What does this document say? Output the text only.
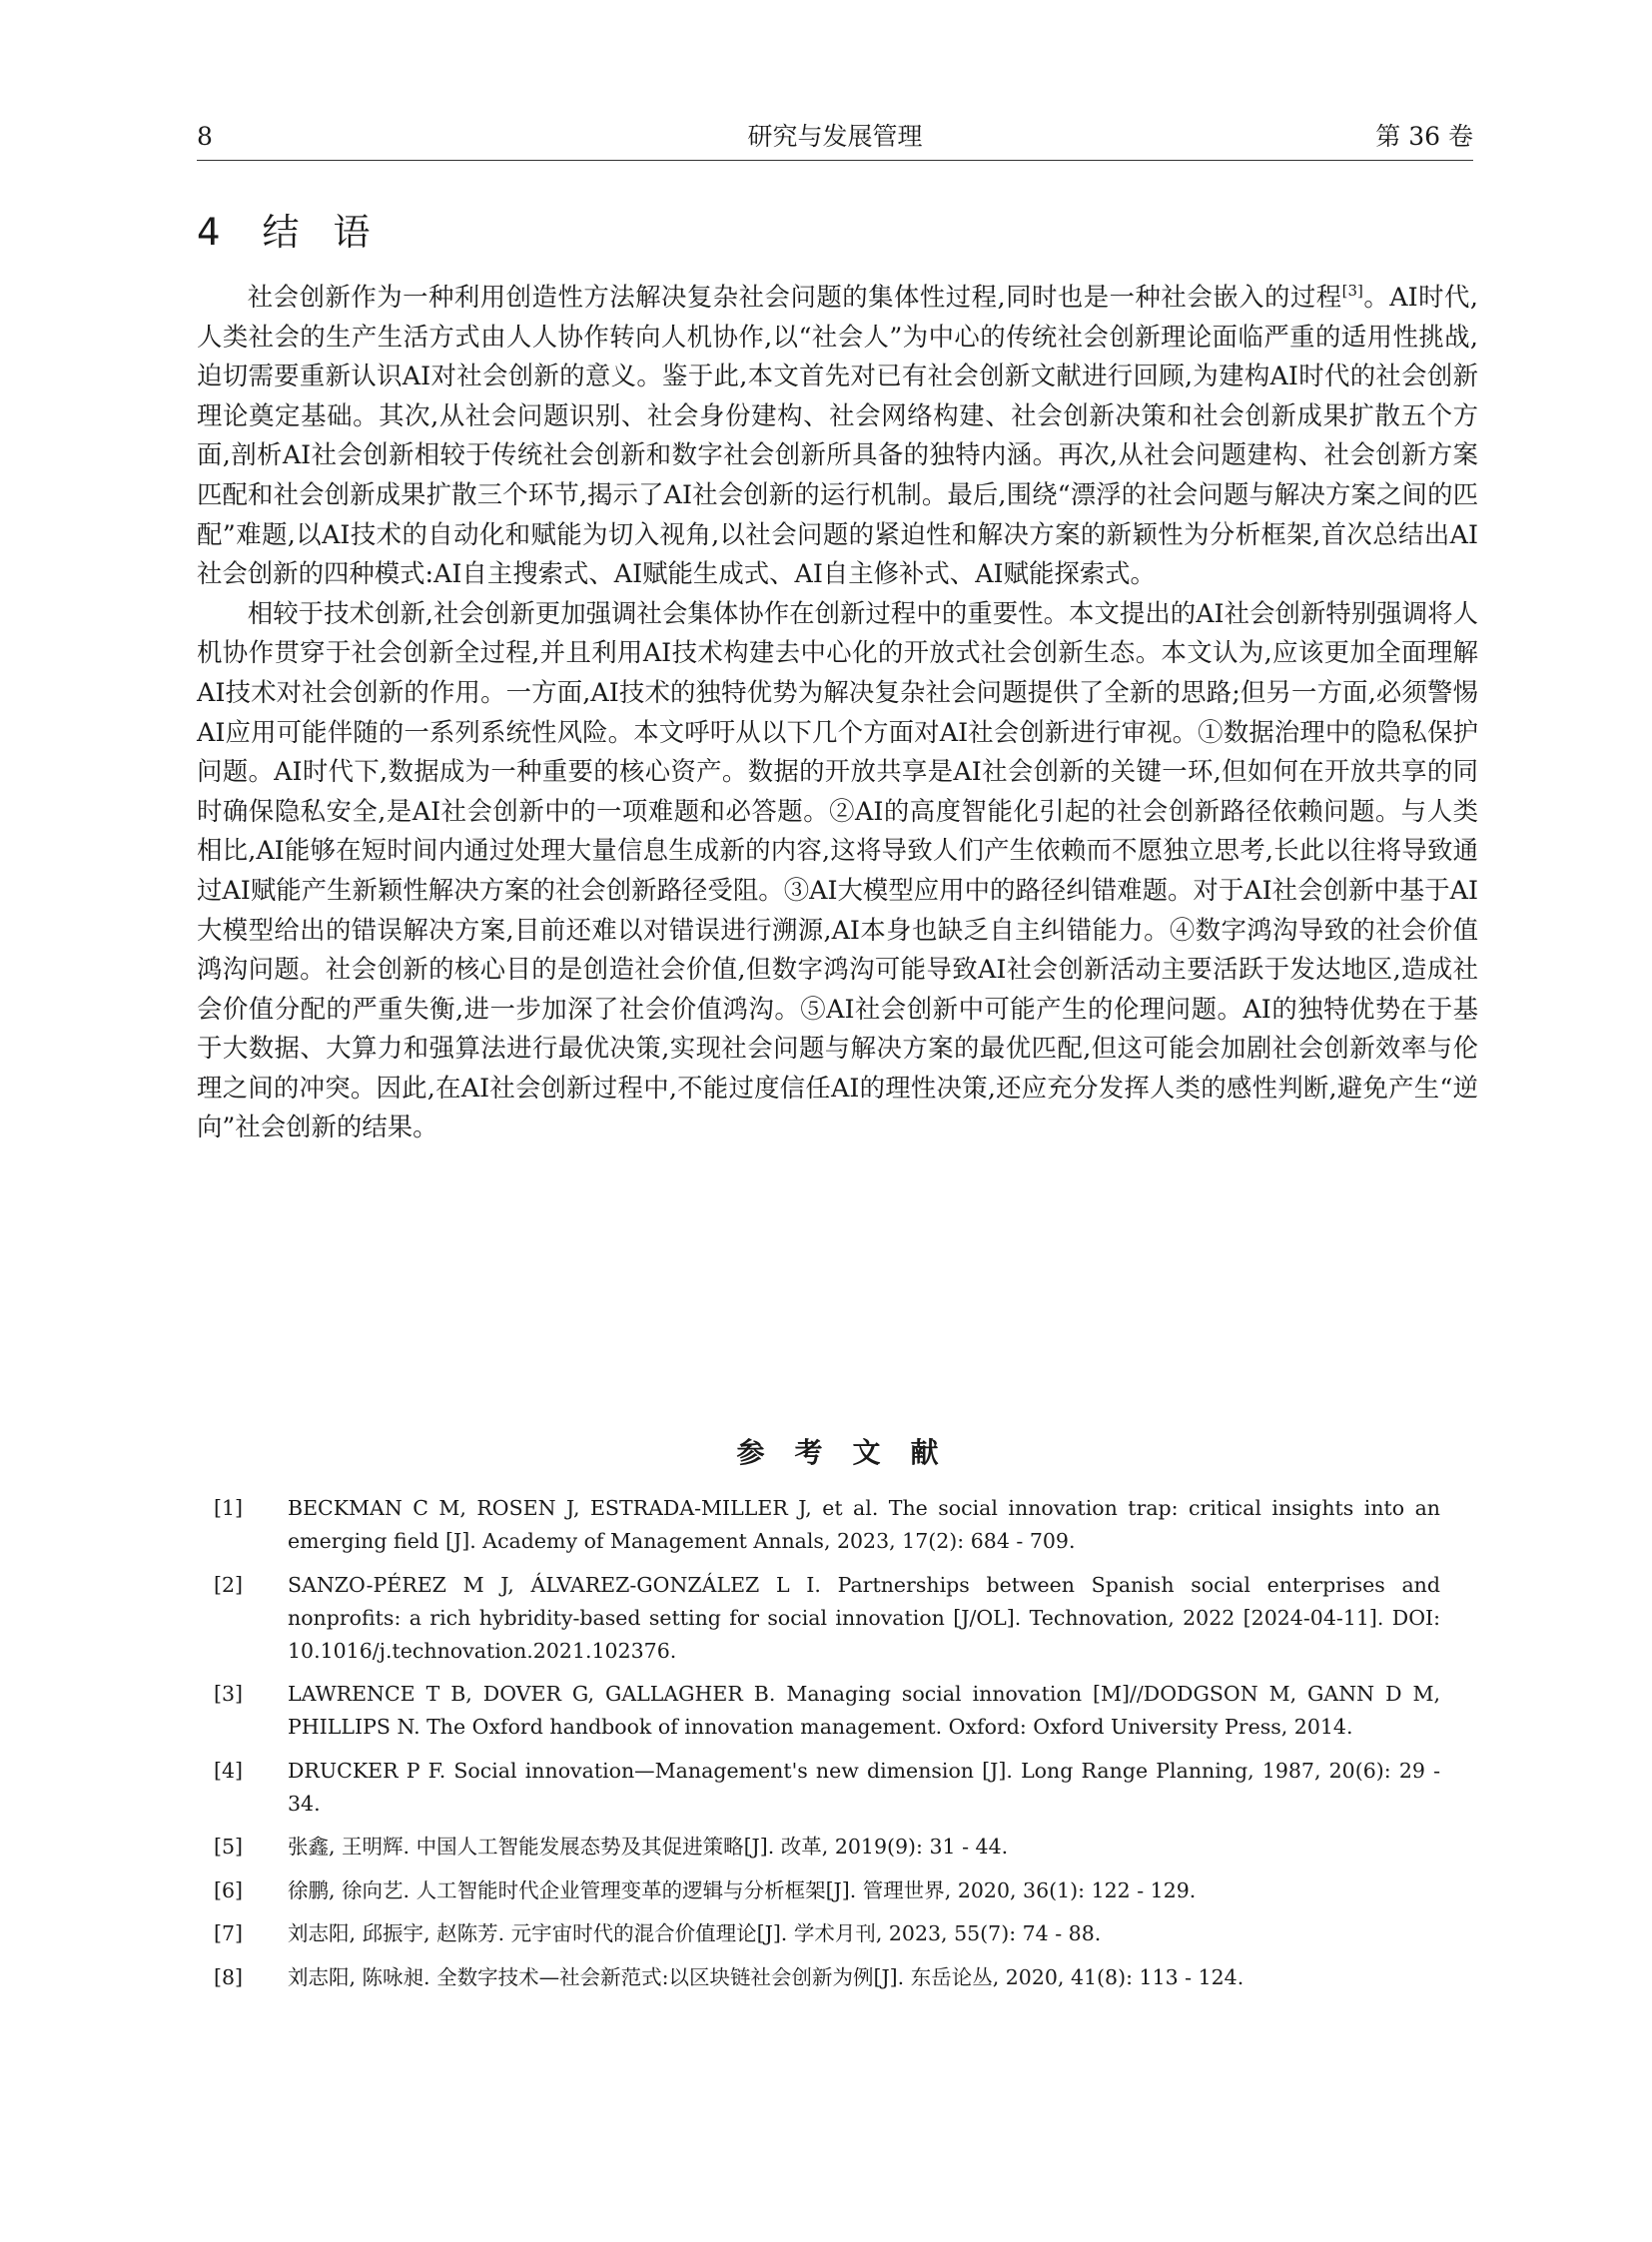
8	研究与发展管理	第 36 卷
4 结语

社会创新作为一种利用创造性方法解决复杂社会问题的集体性过程,同时也是一种社会嵌入的过程[3]。AI时代,人类社会的生产生活方式由人人协作转向人机协作,以“社会人”为中心的传统社会创新理论面临严重的适用性挑战,迫切需要重新认识AI对社会创新的意义。鉴于此,本文首先对已有社会创新文献进行回顾,为建构AI时代的社会创新理论奠定基础。其次,从社会问题识别、社会身份建构、社会网络构建、社会创新决策和社会创新成果扩散五个方面,剖析AI社会创新相较于传统社会创新和数字社会创新所具备的独特内涵。再次,从社会问题建构、社会创新方案匹配和社会创新成果扩散三个环节,揭示了AI社会创新的运行机制。最后,围绕“漂浮的社会问题与解决方案之间的匹配”难题,以AI技术的自动化和赋能为切入视角,以社会问题的紧迫性和解决方案的新颖性为分析框架,首次总结出AI社会创新的四种模式:AI自主搜索式、AI赋能生成式、AI自主修补式、AI赋能探索式。

相较于技术创新,社会创新更加强调社会集体协作在创新过程中的重要性。本文提出的AI社会创新特别强调将人机协作贯穿于社会创新全过程,并且利用AI技术构建去中心化的开放式社会创新生态。本文认为,应该更加全面理解AI技术对社会创新的作用。一方面,AI技术的独特优势为解决复杂社会问题提供了全新的思路;但另一方面,必须警惕AI应用可能伴随的一系列系统性风险。本文呼吁从以下几个方面对AI社会创新进行审视。①数据治理中的隐私保护问题。AI时代下,数据成为一种重要的核心资产。数据的开放共享是AI社会创新的关键一环,但如何在开放共享的同时确保隐私安全,是AI社会创新中的一项难题和必答题。②AI的高度智能化引起的社会创新路径依赖问题。与人类相比,AI能够在短时间内通过处理大量信息生成新的内容,这将导致人们产生依赖而不愿独立思考,长此以往将导致通过AI赋能产生新颖性解决方案的社会创新路径受阻。③AI大模型应用中的路径纠错难题。对于AI社会创新中基于AI大模型给出的错误解决方案,目前还难以对错误进行溯源,AI本身也缺乏自主纠错能力。④数字鸿沟导致的社会价值鸿沟问题。社会创新的核心目的是创造社会价值,但数字鸿沟可能导致AI社会创新活动主要活跃于发达地区,造成社会价值分配的严重失衡,进一步加深了社会价值鸿沟。⑤AI社会创新中可能产生的伦理问题。AI的独特优势在于基于大数据、大算力和强算法进行最优决策,实现社会问题与解决方案的最优匹配,但这可能会加剧社会创新效率与伦理之间的冲突。因此,在AI社会创新过程中,不能过度信任AI的理性决策,还应充分发挥人类的感性判断,避免产生“逆向”社会创新的结果。

参考文献
[1] BECKMAN C M, ROSEN J, ESTRADA-MILLER J, et al. The social innovation trap: critical insights into an emerging field [J]. Academy of Management Annals, 2023, 17(2): 684 - 709.
[2] SANZO-PÉREZ M J, ÁLVAREZ-GONZÁLEZ L I. Partnerships between Spanish social enterprises and nonprofits: a rich hybridity-based setting for social innovation [J/OL]. Technovation, 2022 [2024-04-11]. DOI: 10.1016/j.technovation.2021.102376.
[3] LAWRENCE T B, DOVER G, GALLAGHER B. Managing social innovation [M]//DODGSON M, GANN D M, PHILLIPS N. The Oxford handbook of innovation management. Oxford: Oxford University Press, 2014.
[4] DRUCKER P F. Social innovation—Management's new dimension [J]. Long Range Planning, 1987, 20(6): 29 - 34.
[5] 张鑫, 王明辉. 中国人工智能发展态势及其促进策略[J]. 改革, 2019(9): 31 - 44.
[6] 徐鹏, 徐向艺. 人工智能时代企业管理变革的逻辑与分析框架[J]. 管理世界, 2020, 36(1): 122 - 129.
[7] 刘志阳, 邱振宇, 赵陈芳. 元宇宙时代的混合价值理论[J]. 学术月刊, 2023, 55(7): 74 - 88.
[8] 刘志阳, 陈咏昶. 全数字技术—社会新范式:以区块链社会创新为例[J]. 东岳论丛, 2020, 41(8): 113 - 124.
